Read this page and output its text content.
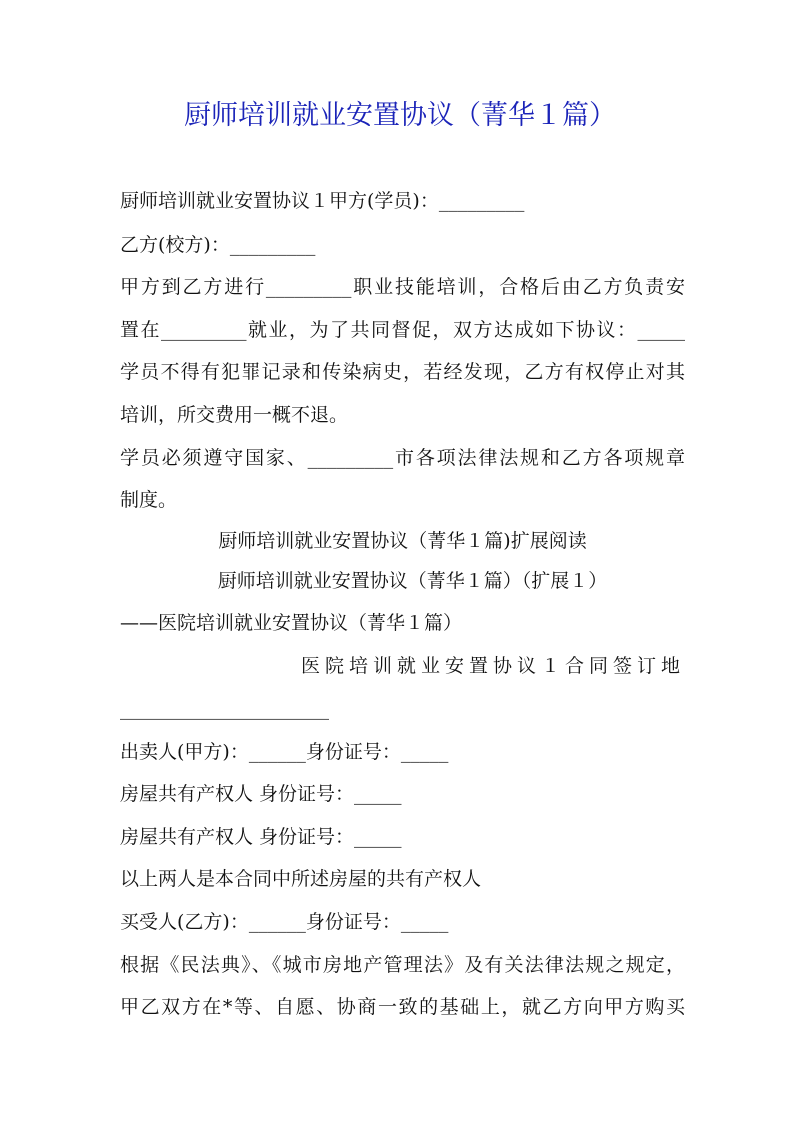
厨师培训就业安置协议（菁华１篇）

厨师培训就业安置协议１甲方(学员)：_________

乙方(校方)：_________

甲方到乙方进行_________职业技能培训，合格后由乙方负责安

置在_________就业，为了共同督促，双方达成如下协议：_____

学员不得有犯罪记录和传染病史，若经发现，乙方有权停止对其

培训，所交费用一概不退。

学员必须遵守国家、_________市各项法律法规和乙方各项规章

制度。

厨师培训就业安置协议（菁华１篇)扩展阅读

厨师培训就业安置协议（菁华１篇）（扩展１）

——医院培训就业安置协议（菁华１篇）

医院培训就业安置协议１合同签订地

______________________

出卖人(甲方)：______身份证号：_____

房屋共有产权人 身份证号：_____

房屋共有产权人 身份证号：_____

以上两人是本合同中所述房屋的共有产权人

买受人(乙方)：______身份证号：_____

根据《民法典》、《城市房地产管理法》及有关法律法规之规定，

甲乙双方在*等、自愿、协商一致的基础上，就乙方向甲方购买
